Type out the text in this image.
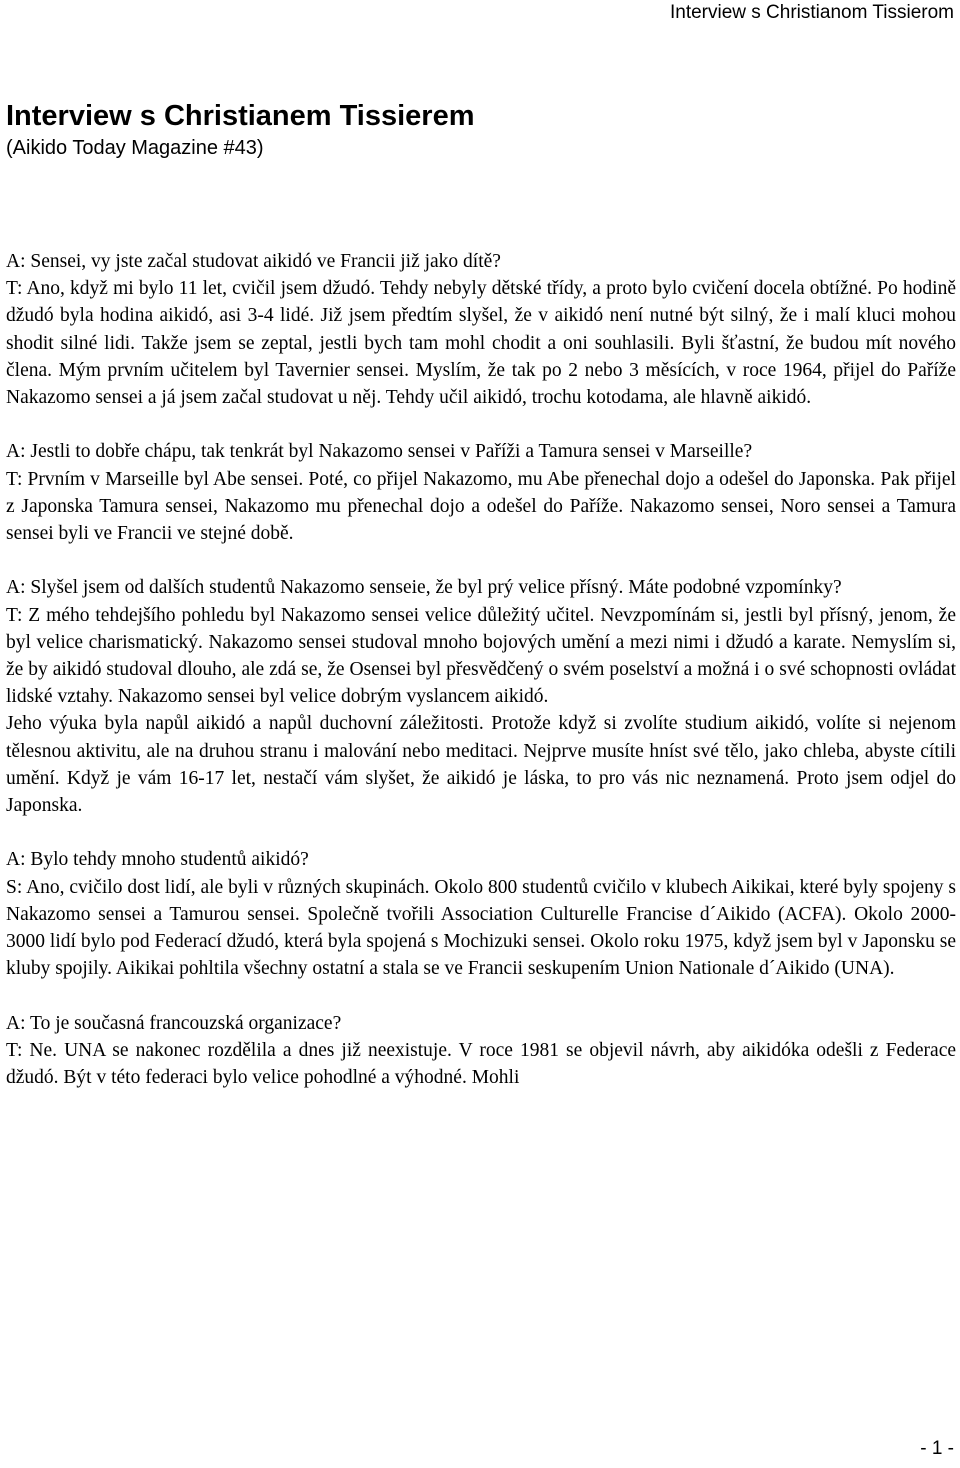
Interview s Christianom Tissierom
Interview s Christianem Tissierem
(Aikido Today Magazine #43)

A: Sensei, vy jste začal studovat aikidó ve Francii již jako dítě?

T: Ano, když mi bylo 11 let, cvičil jsem džudó. Tehdy nebyly dětské třídy, a proto bylo cvičení docela obtížné. Po hodině džudó byla hodina aikidó, asi 3-4 lidé. Již jsem předtím slyšel, že v aikidó není nutné být silný, že i malí kluci mohou shodit silné lidi. Takže jsem se zeptal, jestli bych tam mohl chodit a oni souhlasili. Byli šťastní, že budou mít nového člena. Mým prvním učitelem byl Tavernier sensei. Myslím, že tak po 2 nebo 3 měsících, v roce 1964, přijel do Paříže Nakazomo sensei a já jsem začal studovat u něj. Tehdy učil aikidó, trochu kotodama, ale hlavně aikidó.

A: Jestli to dobře chápu, tak tenkrát byl Nakazomo sensei v Paříži a Tamura sensei v Marseille?

T: Prvním v Marseille byl Abe sensei. Poté, co přijel Nakazomo, mu Abe přenechal dojo a odešel do Japonska. Pak přijel z Japonska Tamura sensei, Nakazomo mu přenechal dojo a odešel do Paříže. Nakazomo sensei, Noro sensei a Tamura sensei byli ve Francii ve stejné době.

A: Slyšel jsem od dalších studentů Nakazomo senseie, že byl prý velice přísný. Máte podobné vzpomínky?

T: Z mého tehdejšího pohledu byl Nakazomo sensei velice důležitý učitel. Nevzpomínám si, jestli byl přísný, jenom, že byl velice charismatický. Nakazomo sensei studoval mnoho bojových umění a mezi nimi i džudó a karate. Nemyslím si, že by aikidó studoval dlouho, ale zdá se, že Osensei byl přesvědčený o svém poselství a možná i o své schopnosti ovládat lidské vztahy. Nakazomo sensei byl velice dobrým vyslancem aikidó.

Jeho výuka byla napůl aikidó a napůl duchovní záležitosti. Protože když si zvolíte studium aikidó, volíte si nejenom tělesnou aktivitu, ale na druhou stranu i malování nebo meditaci. Nejprve musíte hníst své tělo, jako chleba, abyste cítili umění. Když je vám 16-17 let, nestačí vám slyšet, že aikidó je láska, to pro vás nic neznamená. Proto jsem odjel do Japonska.

A: Bylo tehdy mnoho studentů aikidó?

S: Ano, cvičilo dost lidí, ale byli v různých skupinách. Okolo 800 studentů cvičilo v klubech Aikikai, které byly spojeny s Nakazomo sensei a Tamurou sensei. Společně tvořili Association Culturelle Francise d´Aikido (ACFA). Okolo 2000-3000 lidí bylo pod Federací džudó, která byla spojená s Mochizuki sensei. Okolo roku 1975, když jsem byl v Japonsku se kluby spojily. Aikikai pohltila všechny ostatní a stala se ve Francii seskupením Union Nationale d´Aikido (UNA).

A: To je současná francouzská organizace?

T: Ne. UNA se nakonec rozdělila a dnes již neexistuje. V roce 1981 se objevil návrh, aby aikidóka odešli z Federace džudó. Být v této federaci bylo velice pohodlné a výhodné. Mohli

- 1 -
